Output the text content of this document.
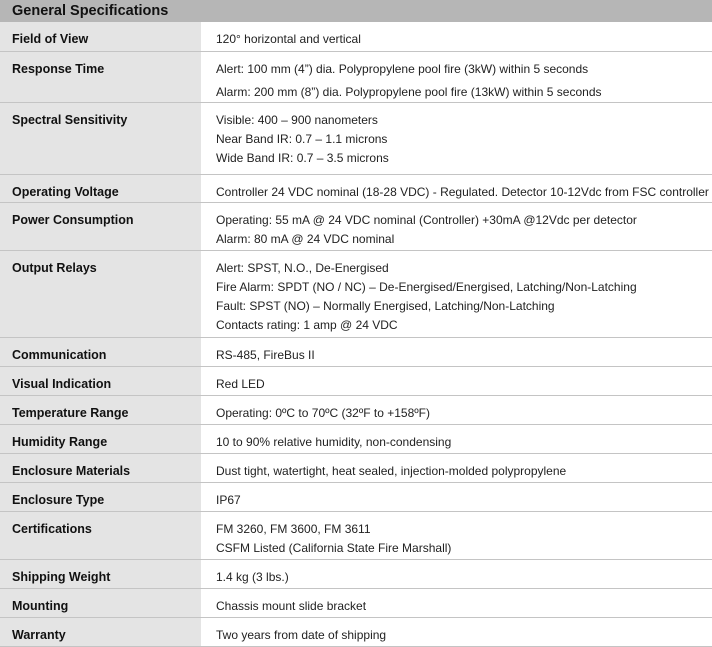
General Specifications
Field of View	120° horizontal and vertical

Response Time	Alert: 100 mm (4”) dia. Polypropylene pool fire (3kW) within 5 seconds
Alarm: 200 mm (8”) dia. Polypropylene pool fire (13kW) within 5 seconds

Spectral Sensitivity	Visible: 400 – 900 nanometers
Near Band IR: 0.7 – 1.1 microns
Wide Band IR: 0.7 – 3.5 microns

Operating Voltage	Controller 24 VDC nominal (18-28 VDC) - Regulated. Detector 10-12Vdc from FSC controller

Power Consumption	Operating: 55 mA @ 24 VDC nominal (Controller) +30mA @12Vdc per detector
Alarm: 80 mA @ 24 VDC nominal

Output Relays	Alert: SPST, N.O., De-Energised
Fire Alarm: SPDT (NO / NC) – De-Energised/Energised, Latching/Non-Latching
Fault: SPST (NO) – Normally Energised, Latching/Non-Latching
Contacts rating: 1 amp @ 24 VDC

Communication	RS-485, FireBus II

Visual Indication	Red LED

Temperature Range	Operating: 0ºC to 70ºC (32ºF to +158ºF)

Humidity Range	10 to 90% relative humidity, non-condensing

Enclosure Materials	Dust tight, watertight, heat sealed, injection-molded polypropylene

Enclosure Type	IP67

Certifications	FM 3260, FM 3600, FM 3611
CSFM Listed (California State Fire Marshall)

Shipping Weight	1.4 kg (3 lbs.)

Mounting	Chassis mount slide bracket

Warranty	Two years from date of shipping
